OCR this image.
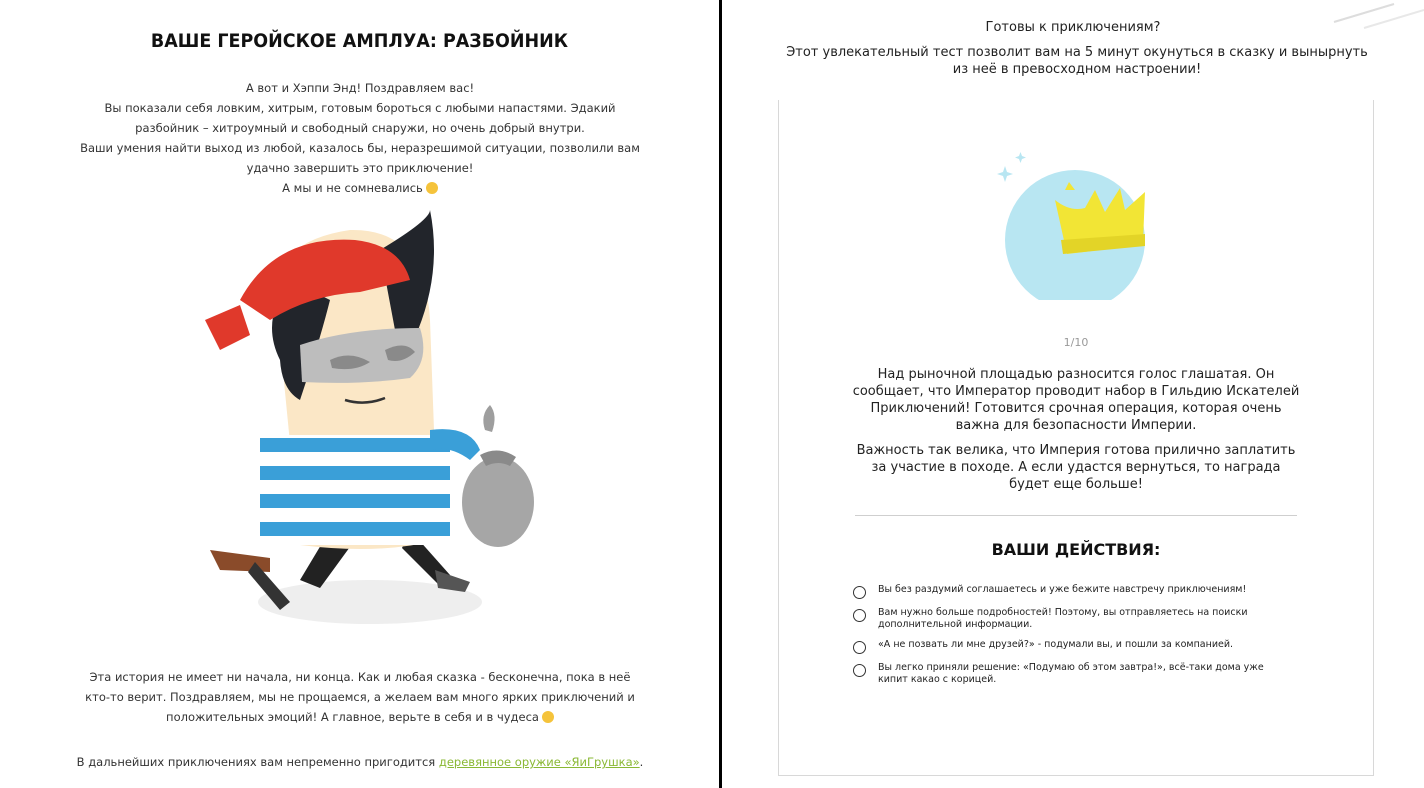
ВАШЕ ГЕРОЙСКОЕ АМПЛУА: РАЗБОЙНИК

А вот и Хэппи Энд! Поздравляем вас!

Вы показали себя ловким, хитрым, готовым бороться с любыми напастями. Эдакий разбойник – хитроумный и свободный снаружи, но очень добрый внутри.

Ваши умения найти выход из любой, казалось бы, неразрешимой ситуации, позволили вам удачно завершить это приключение!

А мы и не сомневались

Эта история не имеет ни начала, ни конца. Как и любая сказка - бесконечна, пока в неё кто-то верит. Поздравляем, мы не прощаемся, а желаем вам много ярких приключений и положительных эмоций! А главное, верьте в себя и в чудеса

В дальнейших приключениях вам непременно пригодится деревянное оружие «ЯиГрушка».
Готовы к приключениям?
Этот увлекательный тест позволит вам на 5 минут окунуться в сказку и вынырнуть из неё в превосходном настроении!
1/10

Над рыночной площадью разносится голос глашатая. Он сообщает, что Император проводит набор в Гильдию Искателей Приключений! Готовится срочная операция, которая очень важна для безопасности Империи.

Важность так велика, что Империя готова прилично заплатить за участие в походе. А если удастся вернуться, то награда будет еще больше!

ВАШИ ДЕЙСТВИЯ:
Вы без раздумий соглашаетесь и уже бежите навстречу приключениям!
Вам нужно больше подробностей! Поэтому, вы отправляетесь на поиски дополнительной информации.
«А не позвать ли мне друзей?» - подумали вы, и пошли за компанией.
Вы легко приняли решение: «Подумаю об этом завтра!», всё-таки дома уже кипит какао с корицей.
